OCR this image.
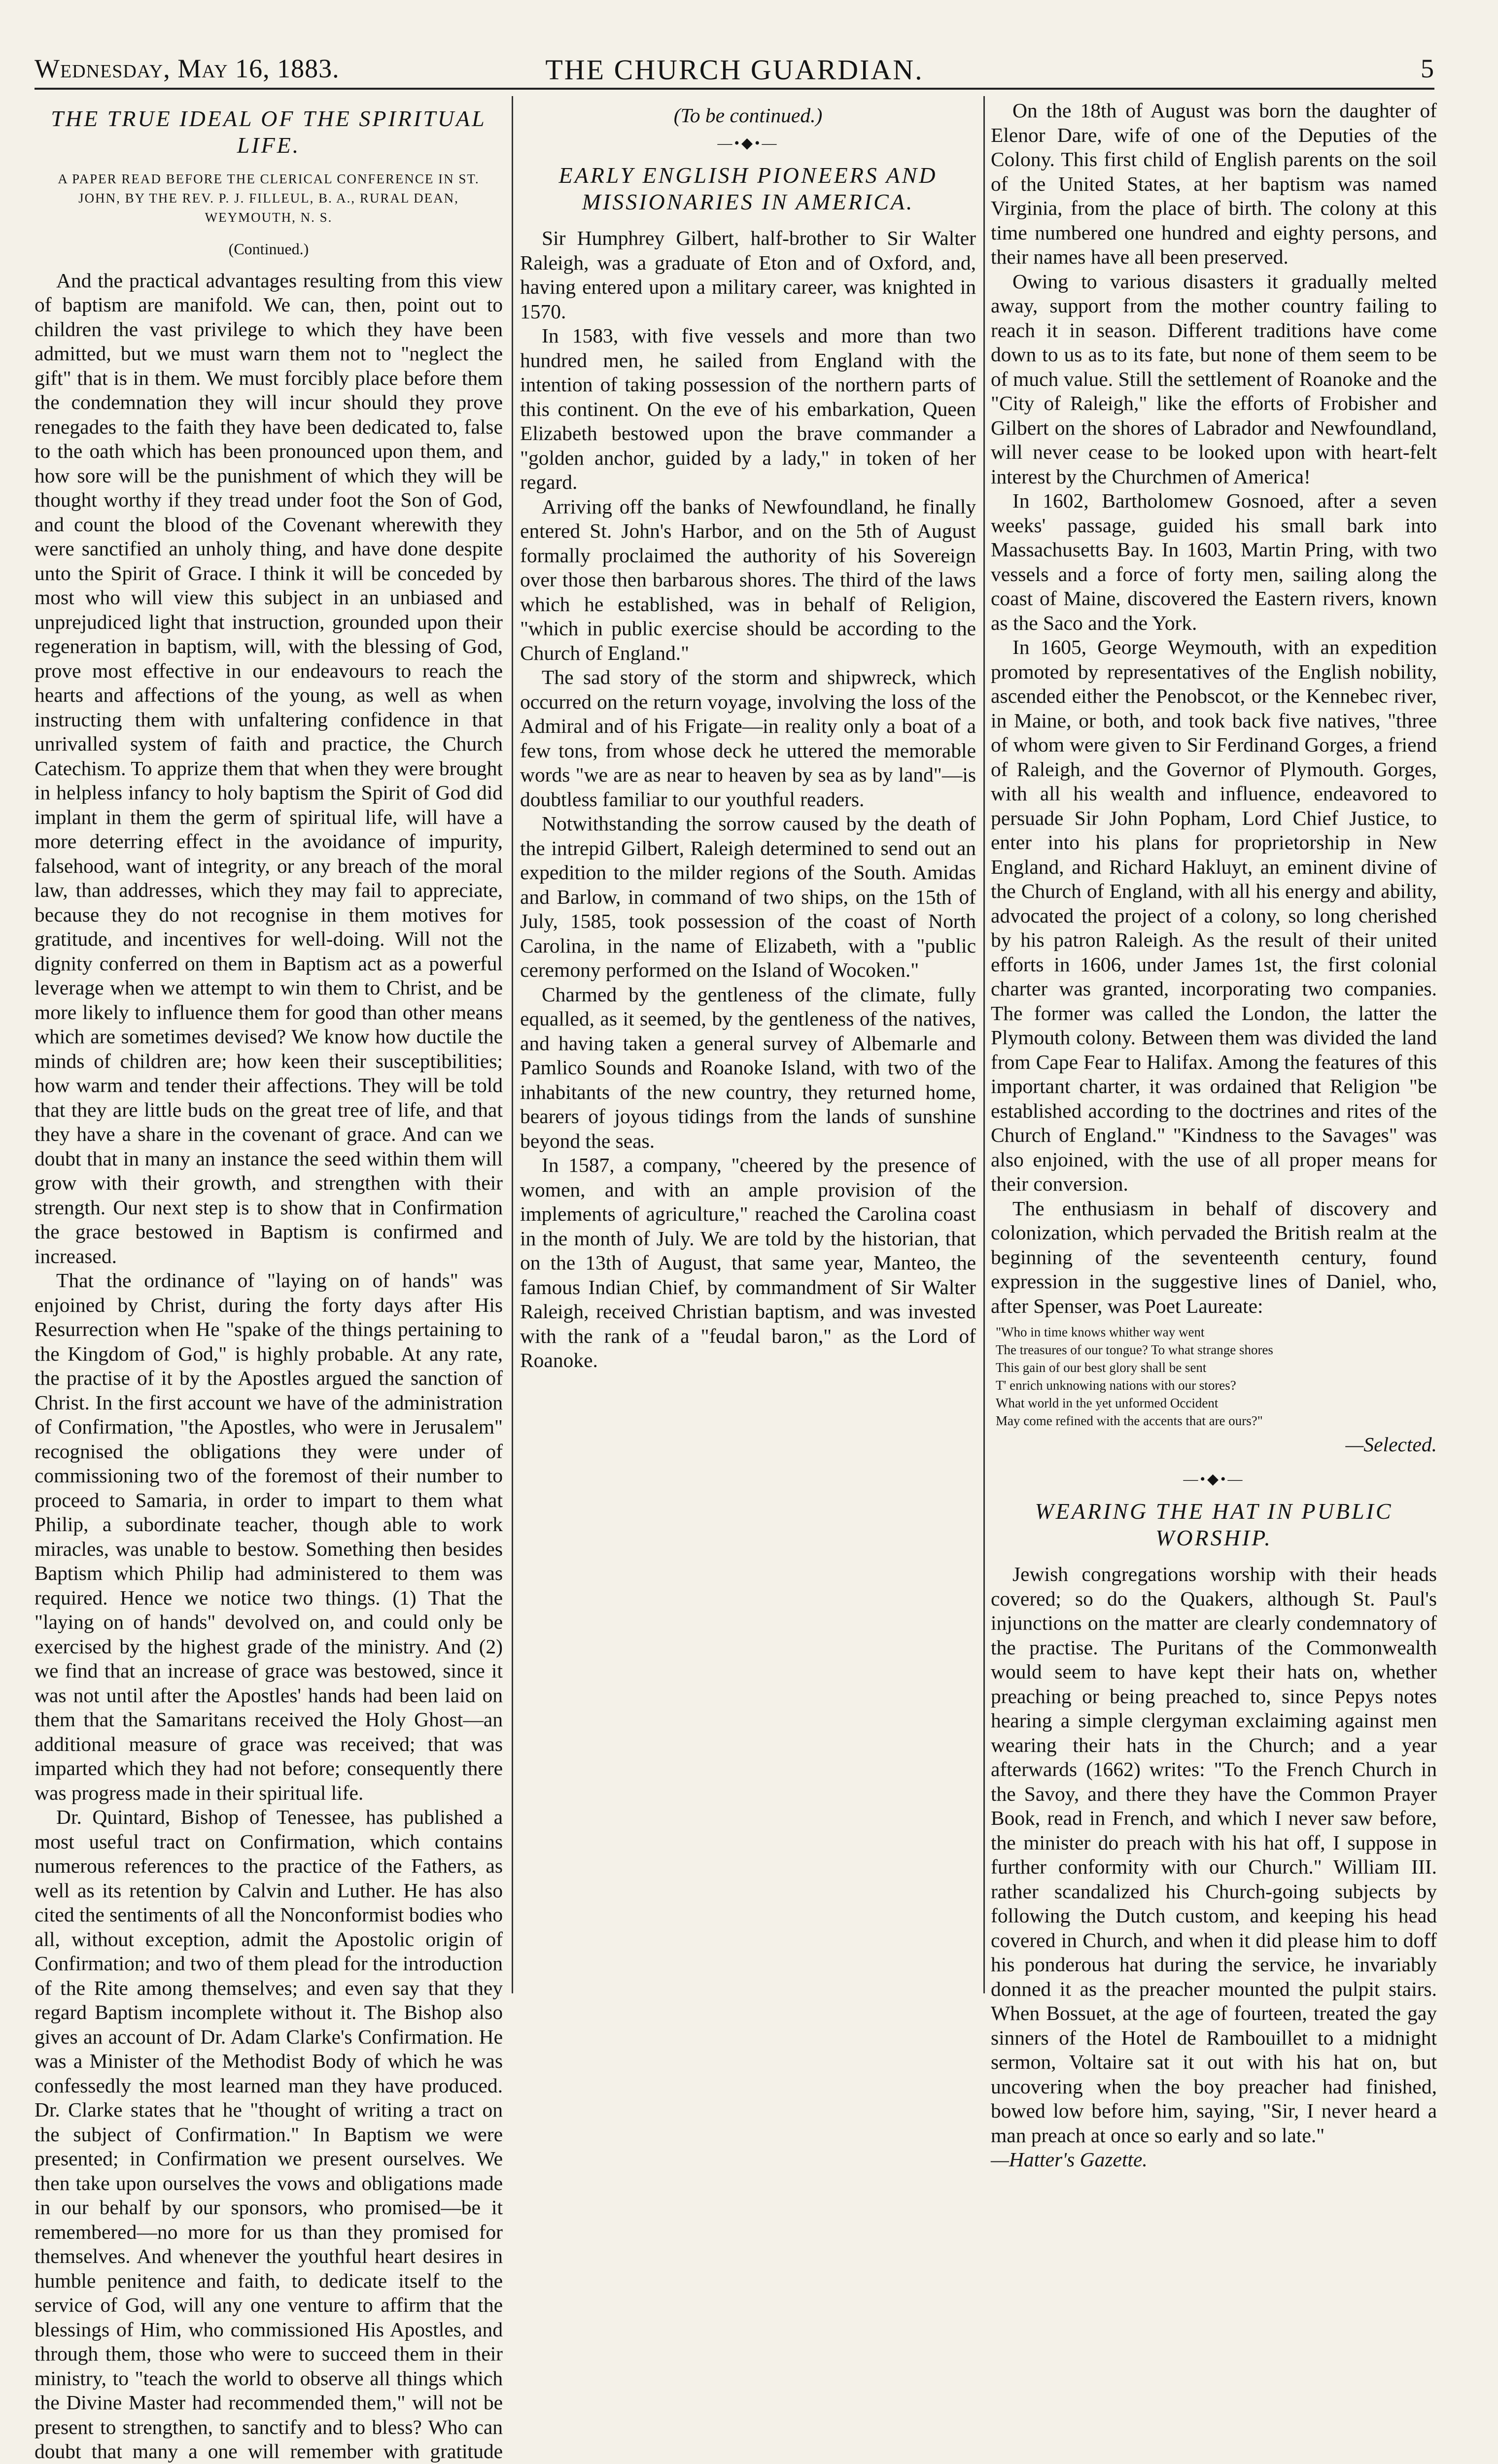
Wednesday, May 16, 1883.	THE CHURCH GUARDIAN.	5
THE TRUE IDEAL OF THE SPIRITUAL LIFE.
A PAPER READ BEFORE THE CLERICAL CONFERENCE IN ST. JOHN, BY THE REV. P. J. FILLEUL, B. A., RURAL DEAN, WEYMOUTH, N. S.
(Continued.)

And the practical advantages resulting from this view of baptism are manifold. We can, then, point out to children the vast privilege to which they have been admitted, but we must warn them not to "neglect the gift" that is in them. We must forcibly place before them the condemnation they will incur should they prove renegades to the faith they have been dedicated to, false to the oath which has been pronounced upon them, and how sore will be the punishment of which they will be thought worthy if they tread under foot the Son of God, and count the blood of the Covenant wherewith they were sanctified an unholy thing, and have done despite unto the Spirit of Grace. I think it will be conceded by most who will view this subject in an unbiased and unprejudiced light that instruction, grounded upon their regeneration in baptism, will, with the blessing of God, prove most effective in our endeavours to reach the hearts and affections of the young, as well as when instructing them with unfaltering confidence in that unrivalled system of faith and practice, the Church Catechism. To apprize them that when they were brought in helpless infancy to holy baptism the Spirit of God did implant in them the germ of spiritual life, will have a more deterring effect in the avoidance of impurity, falsehood, want of integrity, or any breach of the moral law, than addresses, which they may fail to appreciate, because they do not recognise in them motives for gratitude, and incentives for well-doing. Will not the dignity conferred on them in Baptism act as a powerful leverage when we attempt to win them to Christ, and be more likely to influence them for good than other means which are sometimes devised? We know how ductile the minds of children are; how keen their susceptibilities; how warm and tender their affections. They will be told that they are little buds on the great tree of life, and that they have a share in the covenant of grace. And can we doubt that in many an instance the seed within them will grow with their growth, and strengthen with their strength. Our next step is to show that in Confirmation the grace bestowed in Baptism is confirmed and increased.

That the ordinance of "laying on of hands" was enjoined by Christ, during the forty days after His Resurrection when He "spake of the things pertaining to the Kingdom of God," is highly probable. At any rate, the practise of it by the Apostles argued the sanction of Christ. In the first account we have of the administration of Confirmation, "the Apostles, who were in Jerusalem" recognised the obligations they were under of commissioning two of the foremost of their number to proceed to Samaria, in order to impart to them what Philip, a subordinate teacher, though able to work miracles, was unable to bestow. Something then besides Baptism which Philip had administered to them was required. Hence we notice two things. (1) That the "laying on of hands" devolved on, and could only be exercised by the highest grade of the ministry. And (2) we find that an increase of grace was bestowed, since it was not until after the Apostles' hands had been laid on them that the Samaritans received the Holy Ghost—an additional measure of grace was received; that was imparted which they had not before; consequently there was progress made in their spiritual life.

Dr. Quintard, Bishop of Tenessee, has published a most useful tract on Confirmation, which contains numerous references to the practice of the Fathers, as well as its retention by Calvin and Luther. He has also cited the sentiments of all the Nonconformist bodies who all, without exception, admit the Apostolic origin of Confirmation; and two of them plead for the introduction of the Rite among themselves; and even say that they regard Baptism incomplete without it. The Bishop also gives an account of Dr. Adam Clarke's Confirmation. He was a Minister of the Methodist Body of which he was confessedly the most learned man they have produced. Dr. Clarke states that he "thought of writing a tract on the subject of Confirmation." In Baptism we were presented; in Confirmation we present ourselves. We then take upon ourselves the vows and obligations made in our behalf by our sponsors, who promised—be it remembered—no more for us than they promised for themselves. And whenever the youthful heart desires in humble penitence and faith, to dedicate itself to the service of God, will any one venture to affirm that the blessings of Him, who commissioned His Apostles, and through them, those who were to succeed them in their ministry, to "teach the world to observe all things which the Divine Master had recommended them," will not be present to strengthen, to sanctify and to bless? Who can doubt that many a one will remember with gratitude

(To be continued.)
—•◆•—
EARLY ENGLISH PIONEERS AND MISSIONARIES IN AMERICA.

Sir Humphrey Gilbert, half-brother to Sir Walter Raleigh, was a graduate of Eton and of Oxford, and, having entered upon a military career, was knighted in 1570.

In 1583, with five vessels and more than two hundred men, he sailed from England with the intention of taking possession of the northern parts of this continent. On the eve of his embarkation, Queen Elizabeth bestowed upon the brave commander a "golden anchor, guided by a lady," in token of her regard.

Arriving off the banks of Newfoundland, he finally entered St. John's Harbor, and on the 5th of August formally proclaimed the authority of his Sovereign over those then barbarous shores. The third of the laws which he established, was in behalf of Religion, "which in public exercise should be according to the Church of England."

The sad story of the storm and shipwreck, which occurred on the return voyage, involving the loss of the Admiral and of his Frigate—in reality only a boat of a few tons, from whose deck he uttered the memorable words "we are as near to heaven by sea as by land"—is doubtless familiar to our youthful readers.

Notwithstanding the sorrow caused by the death of the intrepid Gilbert, Raleigh determined to send out an expedition to the milder regions of the South. Amidas and Barlow, in command of two ships, on the 15th of July, 1585, took possession of the coast of North Carolina, in the name of Elizabeth, with a "public ceremony performed on the Island of Wocoken."

Charmed by the gentleness of the climate, fully equalled, as it seemed, by the gentleness of the natives, and having taken a general survey of Albemarle and Pamlico Sounds and Roanoke Island, with two of the inhabitants of the new country, they returned home, bearers of joyous tidings from the lands of sunshine beyond the seas.

In 1587, a company, "cheered by the presence of women, and with an ample provision of the implements of agriculture," reached the Carolina coast in the month of July. We are told by the historian, that on the 13th of August, that same year, Manteo, the famous Indian Chief, by commandment of Sir Walter Raleigh, received Christian baptism, and was invested with the rank of a "feudal baron," as the Lord of Roanoke.

On the 18th of August was born the daughter of Elenor Dare, wife of one of the Deputies of the Colony. This first child of English parents on the soil of the United States, at her baptism was named Virginia, from the place of birth. The colony at this time numbered one hundred and eighty persons, and their names have all been preserved.

Owing to various disasters it gradually melted away, support from the mother country failing to reach it in season. Different traditions have come down to us as to its fate, but none of them seem to be of much value. Still the settlement of Roanoke and the "City of Raleigh," like the efforts of Frobisher and Gilbert on the shores of Labrador and Newfoundland, will never cease to be looked upon with heart-felt interest by the Churchmen of America!

In 1602, Bartholomew Gosnoed, after a seven weeks' passage, guided his small bark into Massachusetts Bay. In 1603, Martin Pring, with two vessels and a force of forty men, sailing along the coast of Maine, discovered the Eastern rivers, known as the Saco and the York.

In 1605, George Weymouth, with an expedition promoted by representatives of the English nobility, ascended either the Penobscot, or the Kennebec river, in Maine, or both, and took back five natives, "three of whom were given to Sir Ferdinand Gorges, a friend of Raleigh, and the Governor of Plymouth. Gorges, with all his wealth and influence, endeavored to persuade Sir John Popham, Lord Chief Justice, to enter into his plans for proprietorship in New England, and Richard Hakluyt, an eminent divine of the Church of England, with all his energy and ability, advocated the project of a colony, so long cherished by his patron Raleigh. As the result of their united efforts in 1606, under James 1st, the first colonial charter was granted, incorporating two companies. The former was called the London, the latter the Plymouth colony. Between them was divided the land from Cape Fear to Halifax. Among the features of this important charter, it was ordained that Religion "be established according to the doctrines and rites of the Church of England." "Kindness to the Savages" was also enjoined, with the use of all proper means for their conversion.

The enthusiasm in behalf of discovery and colonization, which pervaded the British realm at the beginning of the seventeenth century, found expression in the suggestive lines of Daniel, who, after Spenser, was Poet Laureate:

"Who in time knows whither way went
The treasures of our tongue? To what strange shores
This gain of our best glory shall be sent
T' enrich unknowing nations with our stores?
What world in the yet unformed Occident
May come refined with the accents that are ours?"
—Selected.
—•◆•—
WEARING THE HAT IN PUBLIC WORSHIP.

Jewish congregations worship with their heads covered; so do the Quakers, although St. Paul's injunctions on the matter are clearly condemnatory of the practise. The Puritans of the Commonwealth would seem to have kept their hats on, whether preaching or being preached to, since Pepys notes hearing a simple clergyman exclaiming against men wearing their hats in the Church; and a year afterwards (1662) writes: "To the French Church in the Savoy, and there they have the Common Prayer Book, read in French, and which I never saw before, the minister do preach with his hat off, I suppose in further conformity with our Church." William III. rather scandalized his Church-going subjects by following the Dutch custom, and keeping his head covered in Church, and when it did please him to doff his ponderous hat during the service, he invariably donned it as the preacher mounted the pulpit stairs. When Bossuet, at the age of fourteen, treated the gay sinners of the Hotel de Rambouillet to a midnight sermon, Voltaire sat it out with his hat on, but uncovering when the boy preacher had finished, bowed low before him, saying, "Sir, I never heard a man preach at once so early and so late."

—Hatter's Gazette.
